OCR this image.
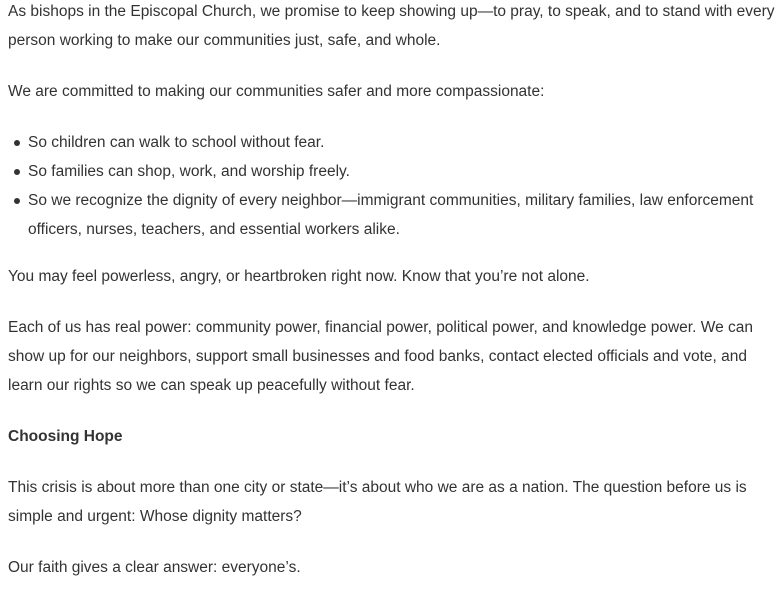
As bishops in the Episcopal Church, we promise to keep showing up—to pray, to speak, and to stand with every person working to make our communities just, safe, and whole.

We are committed to making our communities safer and more compassionate:

So children can walk to school without fear.
So families can shop, work, and worship freely.
So we recognize the dignity of every neighbor—immigrant communities, military families, law enforcement officers, nurses, teachers, and essential workers alike.

You may feel powerless, angry, or heartbroken right now. Know that you’re not alone.

Each of us has real power: community power, financial power, political power, and knowledge power. We can show up for our neighbors, support small businesses and food banks, contact elected officials and vote, and learn our rights so we can speak up peacefully without fear.

Choosing Hope

This crisis is about more than one city or state—it’s about who we are as a nation. The question before us is simple and urgent: Whose dignity matters?

Our faith gives a clear answer: everyone’s.
